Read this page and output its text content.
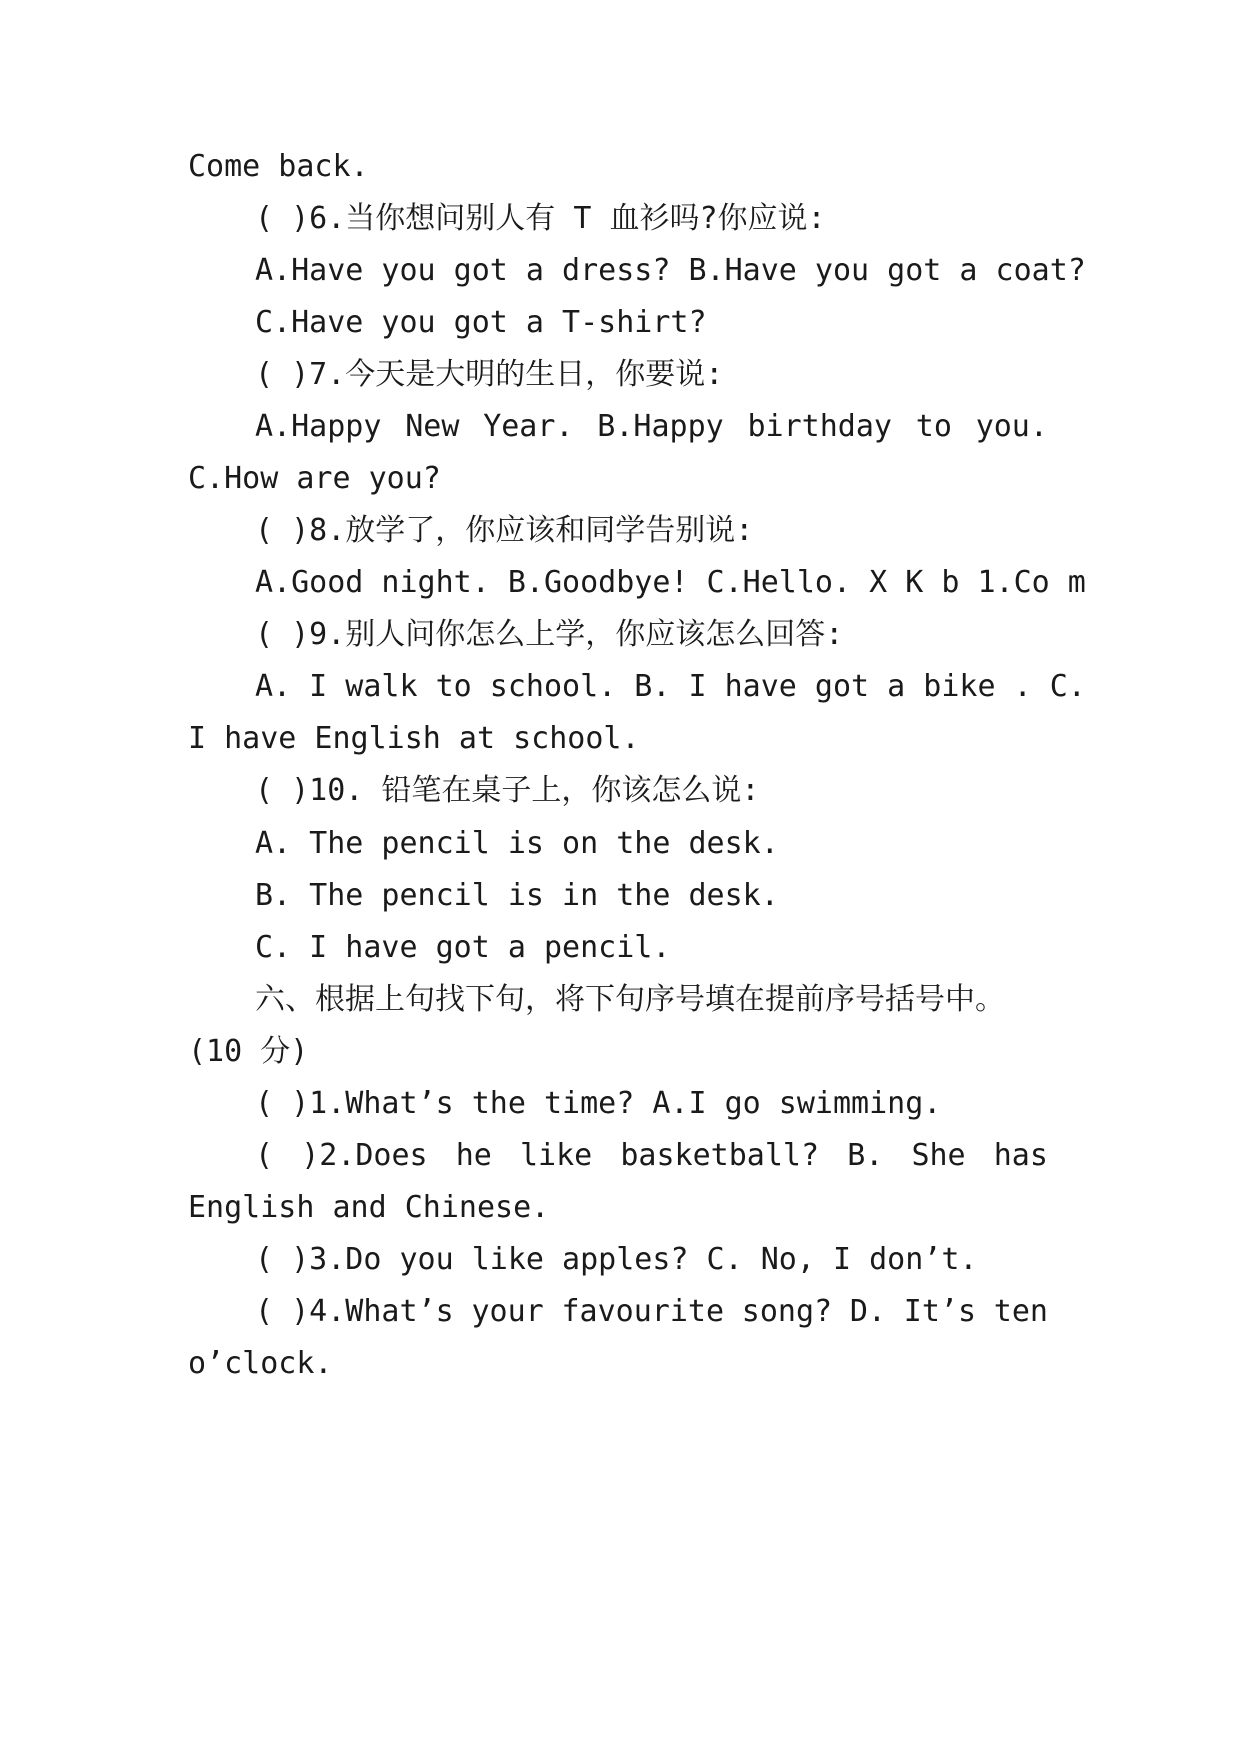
Come back.
( )6.当你想问别人有 T 血衫吗?你应说:
A.Have you got a dress? B.Have you got a coat?
C.Have you got a T-shirt?
( )7.今天是大明的生日，你要说:
A.Happy New Year. B.Happy birthday to you.
C.How are you?
( )8.放学了，你应该和同学告别说:
A.Good night. B.Goodbye! C.Hello. X K b 1.Co m
( )9.别人问你怎么上学，你应该怎么回答:
A. I walk to school. B. I have got a bike . C.
I have English at school.
( )10. 铅笔在桌子上，你该怎么说:
A. The pencil is on the desk.
B. The pencil is in the desk.
C. I have got a pencil.
六、根据上句找下句，将下句序号填在提前序号括号中。
(10 分)
( )1.What’s the time? A.I go swimming.
( )2.Does he like basketball? B. She has
English and Chinese.
( )3.Do you like apples? C. No, I don’t.
( )4.What’s your favourite song? D. It’s ten
o’clock.
